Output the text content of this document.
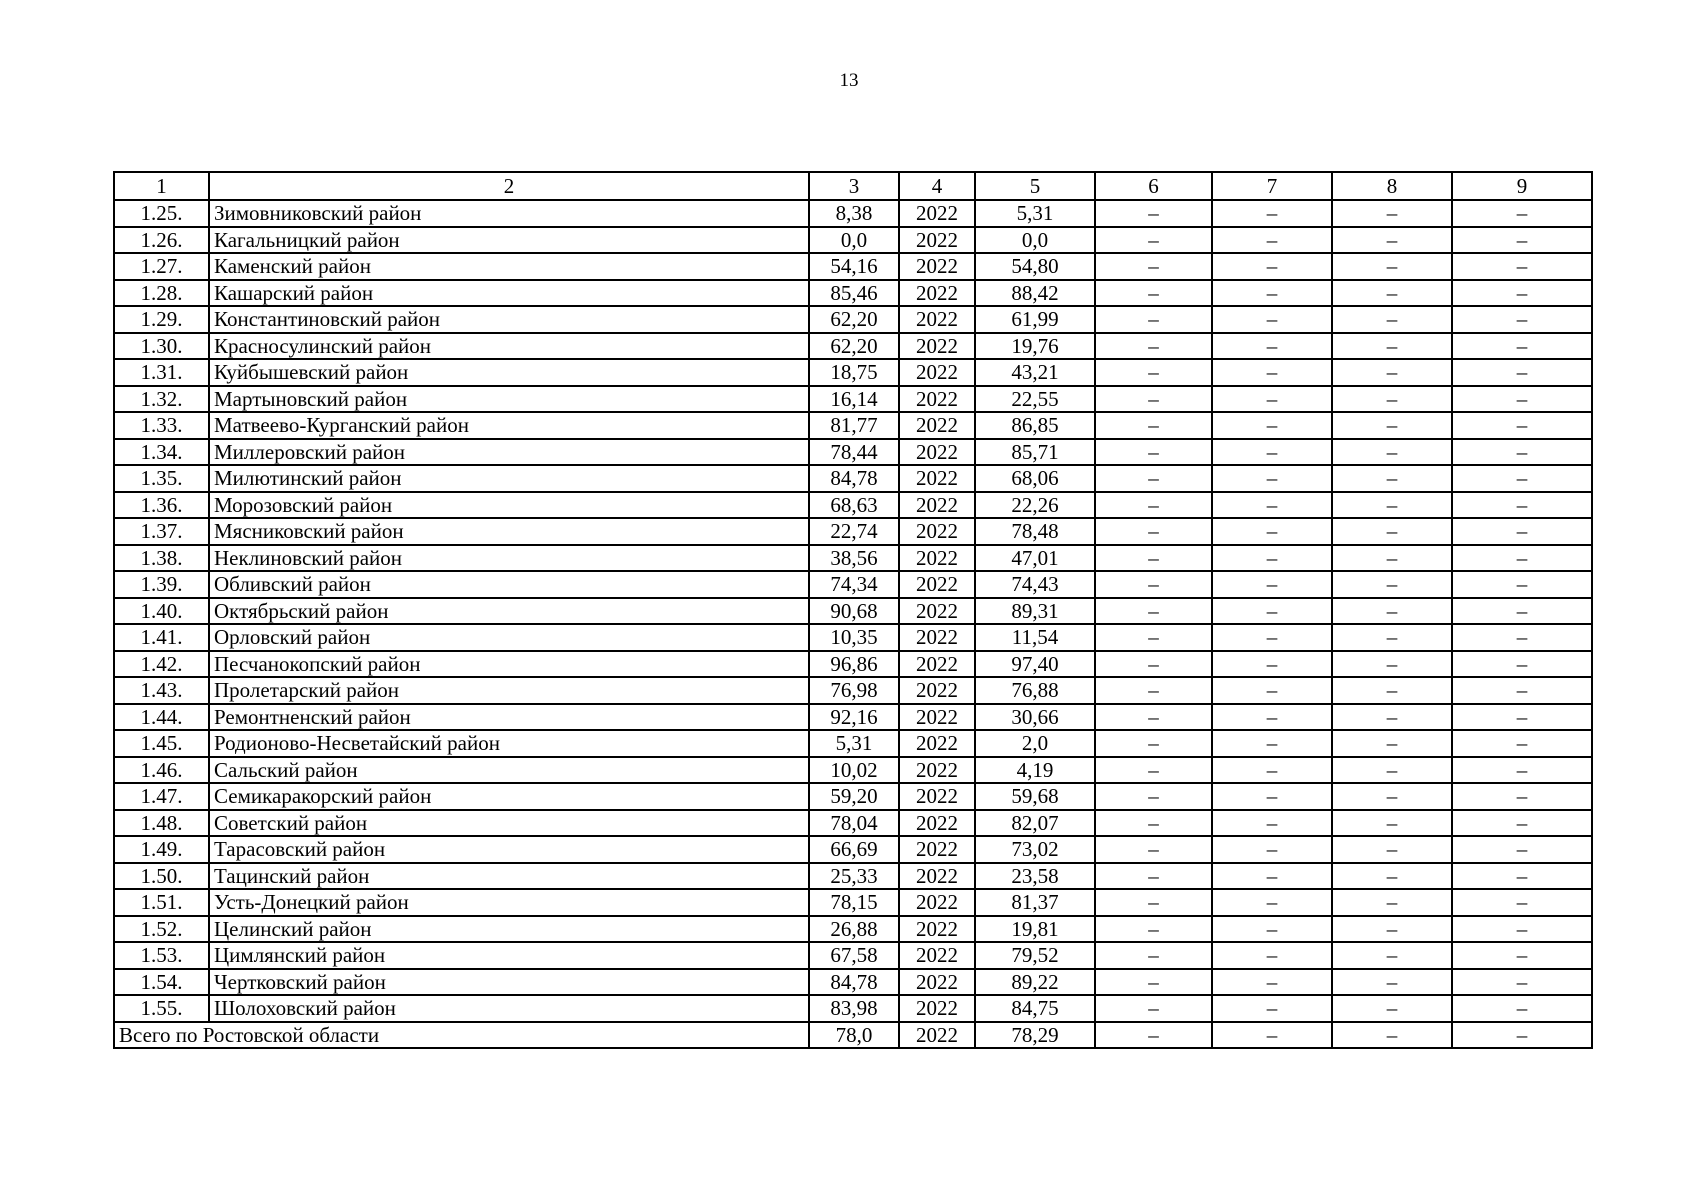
13
1	2	3	4	5	6	7	8	9
1.25.	Зимовниковский район	8,38	2022	5,31	–	–	–	–
1.26.	Кагальницкий район	0,0	2022	0,0	–	–	–	–
1.27.	Каменский район	54,16	2022	54,80	–	–	–	–
1.28.	Кашарский район	85,46	2022	88,42	–	–	–	–
1.29.	Константиновский район	62,20	2022	61,99	–	–	–	–
1.30.	Красносулинский район	62,20	2022	19,76	–	–	–	–
1.31.	Куйбышевский район	18,75	2022	43,21	–	–	–	–
1.32.	Мартыновский район	16,14	2022	22,55	–	–	–	–
1.33.	Матвеево-Курганский район	81,77	2022	86,85	–	–	–	–
1.34.	Миллеровский район	78,44	2022	85,71	–	–	–	–
1.35.	Милютинский район	84,78	2022	68,06	–	–	–	–
1.36.	Морозовский район	68,63	2022	22,26	–	–	–	–
1.37.	Мясниковский район	22,74	2022	78,48	–	–	–	–
1.38.	Неклиновский район	38,56	2022	47,01	–	–	–	–
1.39.	Обливский район	74,34	2022	74,43	–	–	–	–
1.40.	Октябрьский район	90,68	2022	89,31	–	–	–	–
1.41.	Орловский район	10,35	2022	11,54	–	–	–	–
1.42.	Песчанокопский район	96,86	2022	97,40	–	–	–	–
1.43.	Пролетарский район	76,98	2022	76,88	–	–	–	–
1.44.	Ремонтненский район	92,16	2022	30,66	–	–	–	–
1.45.	Родионово-Несветайский район	5,31	2022	2,0	–	–	–	–
1.46.	Сальский район	10,02	2022	4,19	–	–	–	–
1.47.	Семикаракорский район	59,20	2022	59,68	–	–	–	–
1.48.	Советский район	78,04	2022	82,07	–	–	–	–
1.49.	Тарасовский район	66,69	2022	73,02	–	–	–	–
1.50.	Тацинский район	25,33	2022	23,58	–	–	–	–
1.51.	Усть-Донецкий район	78,15	2022	81,37	–	–	–	–
1.52.	Целинский район	26,88	2022	19,81	–	–	–	–
1.53.	Цимлянский район	67,58	2022	79,52	–	–	–	–
1.54.	Чертковский район	84,78	2022	89,22	–	–	–	–
1.55.	Шолоховский район	83,98	2022	84,75	–	–	–	–
Всего по Ростовской области		78,0	2022	78,29	–	–	–	–
